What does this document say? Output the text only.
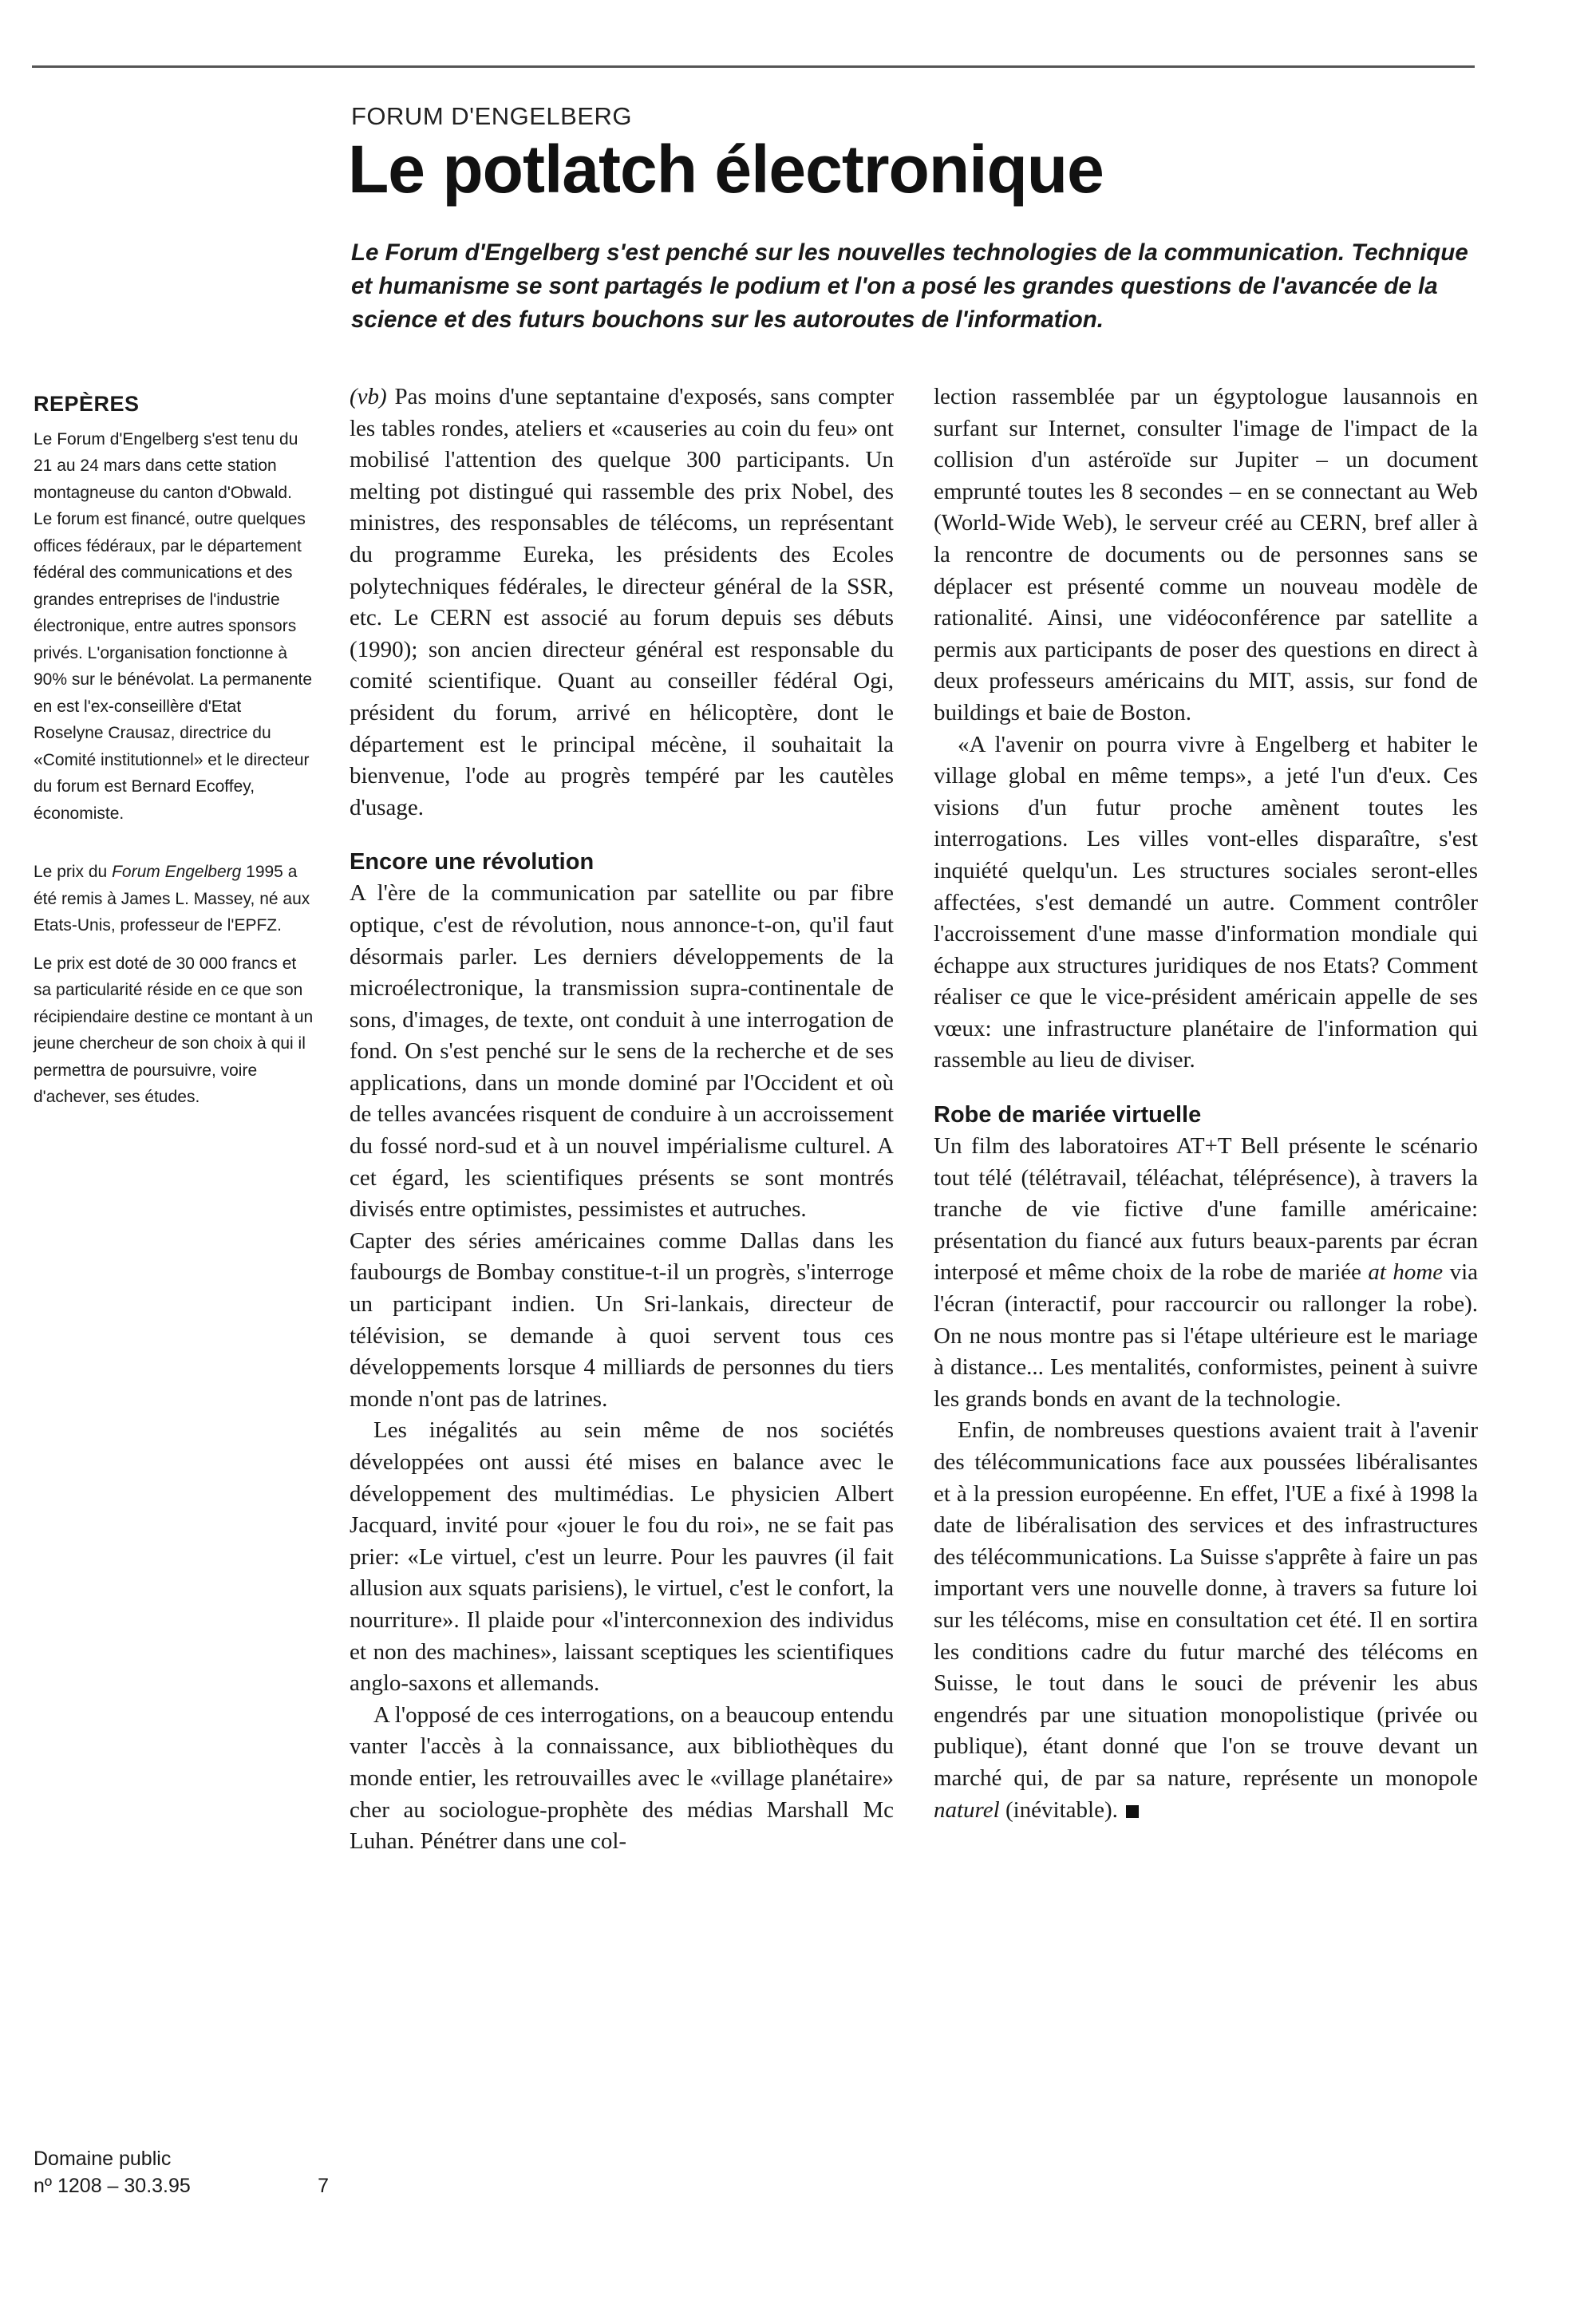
FORUM D'ENGELBERG
Le potlatch électronique
Le Forum d'Engelberg s'est penché sur les nouvelles technologies de la communication. Technique et humanisme se sont partagés le podium et l'on a posé les grandes questions de l'avancée de la science et des futurs bouchons sur les autoroutes de l'information.
REPÈRES

Le Forum d'Engelberg s'est tenu du 21 au 24 mars dans cette station montagneuse du canton d'Obwald. Le forum est financé, outre quelques offices fédéraux, par le département fédéral des communications et des grandes entreprises de l'industrie électronique, entre autres sponsors privés. L'organisation fonctionne à 90% sur le bénévolat. La permanente en est l'ex-conseillère d'Etat Roselyne Crausaz, directrice du «Comité institutionnel» et le directeur du forum est Bernard Ecoffey, économiste.

Le prix du Forum Engelberg 1995 a été remis à James L. Massey, né aux Etats-Unis, professeur de l'EPFZ.

Le prix est doté de 30 000 francs et sa particularité réside en ce que son récipiendaire destine ce montant à un jeune chercheur de son choix à qui il permettra de poursuivre, voire d'achever, ses études.

(vb) Pas moins d'une septantaine d'exposés, sans compter les tables rondes, ateliers et «causeries au coin du feu» ont mobilisé l'attention des quelque 300 participants. Un melting pot distingué qui rassemble des prix Nobel, des ministres, des responsables de télécoms, un représentant du programme Eureka, les présidents des Ecoles polytechniques fédérales, le directeur général de la SSR, etc. Le CERN est associé au forum depuis ses débuts (1990); son ancien directeur général est responsable du comité scientifique. Quant au conseiller fédéral Ogi, président du forum, arrivé en hélicoptère, dont le département est le principal mécène, il souhaitait la bienvenue, l'ode au progrès tempéré par les cautèles d'usage.

Encore une révolution

A l'ère de la communication par satellite ou par fibre optique, c'est de révolution, nous annonce-t-on, qu'il faut désormais parler. Les derniers développements de la microélectronique, la transmission supra-continentale de sons, d'images, de texte, ont conduit à une interrogation de fond. On s'est penché sur le sens de la recherche et de ses applications, dans un monde dominé par l'Occident et où de telles avancées risquent de conduire à un accroissement du fossé nord-sud et à un nouvel impérialisme culturel. A cet égard, les scientifiques présents se sont montrés divisés entre optimistes, pessimistes et autruches.

Capter des séries américaines comme Dallas dans les faubourgs de Bombay constitue-t-il un progrès, s'interroge un participant indien. Un Sri-lankais, directeur de télévision, se demande à quoi servent tous ces développements lorsque 4 milliards de personnes du tiers monde n'ont pas de latrines.

Les inégalités au sein même de nos sociétés développées ont aussi été mises en balance avec le développement des multimédias. Le physicien Albert Jacquard, invité pour «jouer le fou du roi», ne se fait pas prier: «Le virtuel, c'est un leurre. Pour les pauvres (il fait allusion aux squats parisiens), le virtuel, c'est le confort, la nourriture». Il plaide pour «l'interconnexion des individus et non des machines», laissant sceptiques les scientifiques anglo-saxons et allemands.

A l'opposé de ces interrogations, on a beaucoup entendu vanter l'accès à la connaissance, aux bibliothèques du monde entier, les retrouvailles avec le «village planétaire» cher au sociologue-prophète des médias Marshall Mc Luhan. Pénétrer dans une col-

lection rassemblée par un égyptologue lausannois en surfant sur Internet, consulter l'image de l'impact de la collision d'un astéroïde sur Jupiter – un document emprunté toutes les 8 secondes – en se connectant au Web (World-Wide Web), le serveur créé au CERN, bref aller à la rencontre de documents ou de personnes sans se déplacer est présenté comme un nouveau modèle de rationalité. Ainsi, une vidéoconférence par satellite a permis aux participants de poser des questions en direct à deux professeurs américains du MIT, assis, sur fond de buildings et baie de Boston.

«A l'avenir on pourra vivre à Engelberg et habiter le village global en même temps», a jeté l'un d'eux. Ces visions d'un futur proche amènent toutes les interrogations. Les villes vont-elles disparaître, s'est inquiété quelqu'un. Les structures sociales seront-elles affectées, s'est demandé un autre. Comment contrôler l'accroissement d'une masse d'information mondiale qui échappe aux structures juridiques de nos Etats? Comment réaliser ce que le vice-président américain appelle de ses vœux: une infrastructure planétaire de l'information qui rassemble au lieu de diviser.

Robe de mariée virtuelle

Un film des laboratoires AT+T Bell présente le scénario tout télé (télétravail, téléachat, téléprésence), à travers la tranche de vie fictive d'une famille américaine: présentation du fiancé aux futurs beaux-parents par écran interposé et même choix de la robe de mariée at home via l'écran (interactif, pour raccourcir ou rallonger la robe). On ne nous montre pas si l'étape ultérieure est le mariage à distance... Les mentalités, conformistes, peinent à suivre les grands bonds en avant de la technologie.

Enfin, de nombreuses questions avaient trait à l'avenir des télécommunications face aux poussées libéralisantes et à la pression européenne. En effet, l'UE a fixé à 1998 la date de libéralisation des services et des infrastructures des télécommunications. La Suisse s'apprête à faire un pas important vers une nouvelle donne, à travers sa future loi sur les télécoms, mise en consultation cet été. Il en sortira les conditions cadre du futur marché des télécoms en Suisse, le tout dans le souci de prévenir les abus engendrés par une situation monopolistique (privée ou publique), étant donné que l'on se trouve devant un marché qui, de par sa nature, représente un monopole naturel (inévitable).

Domaine public
nº 1208 – 30.3.95	7
